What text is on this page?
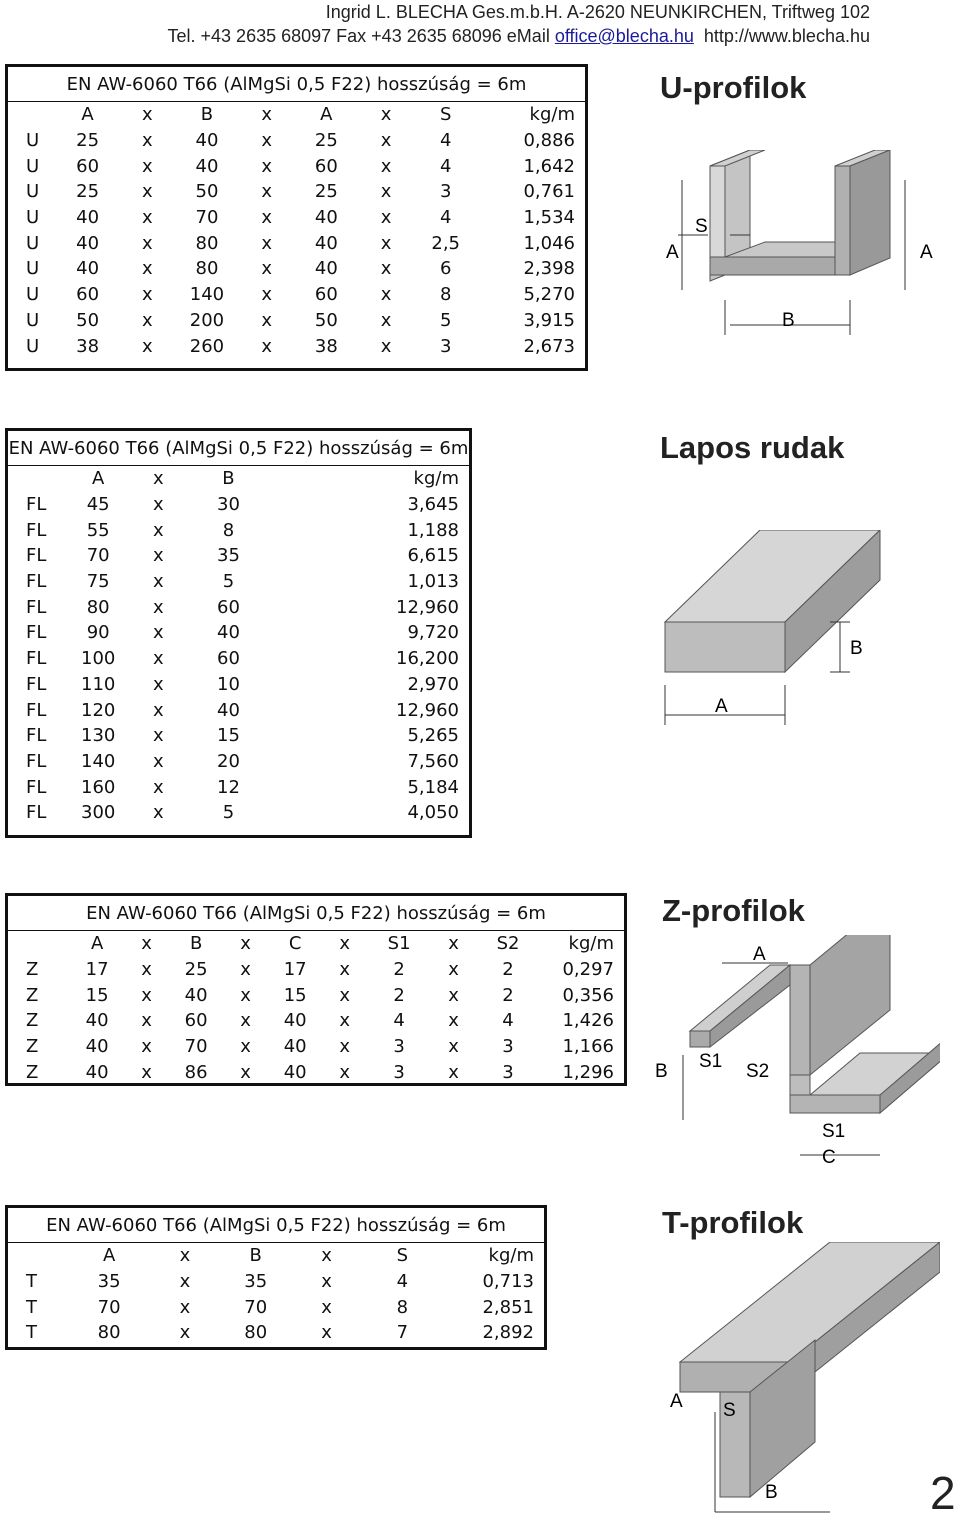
Ingrid L. BLECHA Ges.m.b.H. A-2620 NEUNKIRCHEN, Triftweg 102
Tel. +43 2635 68097 Fax +43 2635 68096 eMail office@blecha.hu http://www.blecha.hu
EN AW-6060 T66 (AlMgSi 0,5 F22) hosszúság = 6m								
	A	x	B	x	A	x	S	kg/m
U	25	x	40	x	25	x	4	0,886
U	60	x	40	x	60	x	4	1,642
U	25	x	50	x	25	x	3	0,761
U	40	x	70	x	40	x	4	1,534
U	40	x	80	x	40	x	2,5	1,046
U	40	x	80	x	40	x	6	2,398
U	60	x	140	x	60	x	8	5,270
U	50	x	200	x	50	x	5	3,915
U	38	x	260	x	38	x	3	2,673
U-profilok
A
S
A
B
EN AW-6060 T66 (AlMgSi 0,5 F22) hosszúság = 6m				
	A	x	B	kg/m
FL	45	x	30	3,645
FL	55	x	8	1,188
FL	70	x	35	6,615
FL	75	x	5	1,013
FL	80	x	60	12,960
FL	90	x	40	9,720
FL	100	x	60	16,200
FL	110	x	10	2,970
FL	120	x	40	12,960
FL	130	x	15	5,265
FL	140	x	20	7,560
FL	160	x	12	5,184
FL	300	x	5	4,050
Lapos rudak
A
B
EN AW-6060 T66 (AlMgSi 0,5 F22) hosszúság = 6m										
	A	x	B	x	C	x	S1	x	S2	kg/m
Z	17	x	25	x	17	x	2	x	2	0,297
Z	15	x	40	x	15	x	2	x	2	0,356
Z	40	x	60	x	40	x	4	x	4	1,426
Z	40	x	70	x	40	x	3	x	3	1,166
Z	40	x	86	x	40	x	3	x	3	1,296
Z-profilok
A
B S1 S2
S1
C
EN AW-6060 T66 (AlMgSi 0,5 F22) hosszúság = 6m						
	A	x	B	x	S	kg/m
T	35	x	35	x	4	0,713
T	70	x	70	x	8	2,851
T	80	x	80	x	7	2,892
T-profilok
A S
B	2
